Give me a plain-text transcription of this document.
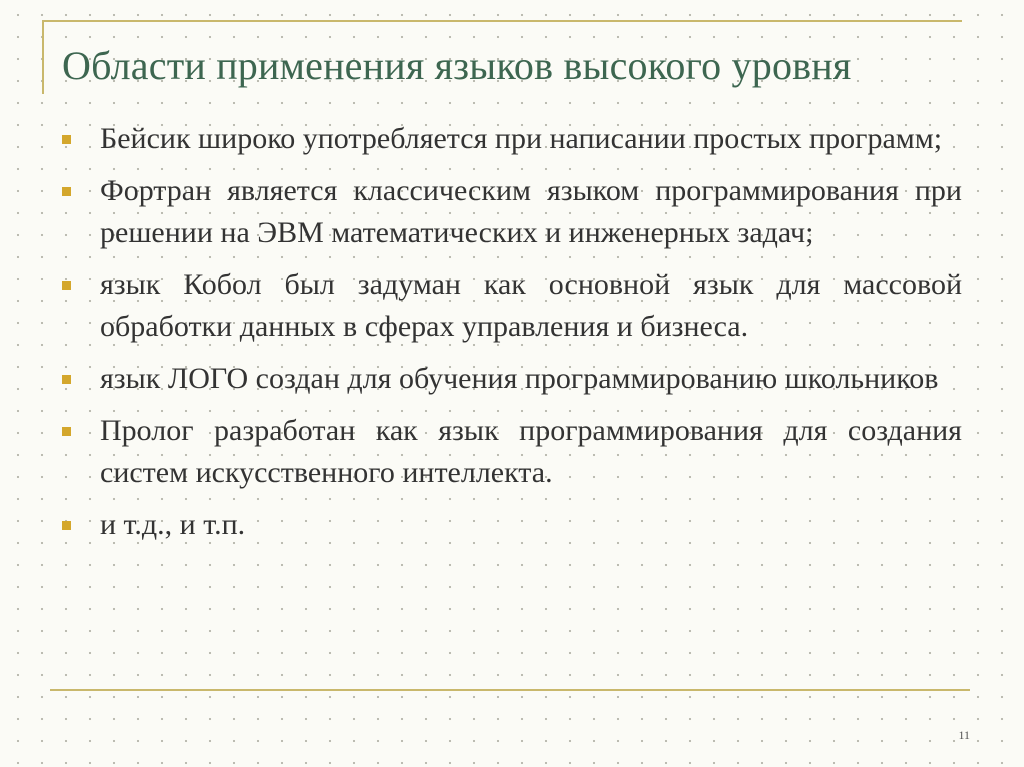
Области применения языков высокого уровня
Бейсик широко употребляется при написании простых программ;
Фортран является классическим языком программирования при решении на ЭВМ математических и инженерных задач;
язык Кобол был задуман как основной язык для массовой обработки данных в сферах управления и бизнеса.
язык ЛОГО создан для обучения программированию школьников
Пролог разработан как язык программирования для создания систем искусственного интеллекта.
и т.д., и т.п.
11
